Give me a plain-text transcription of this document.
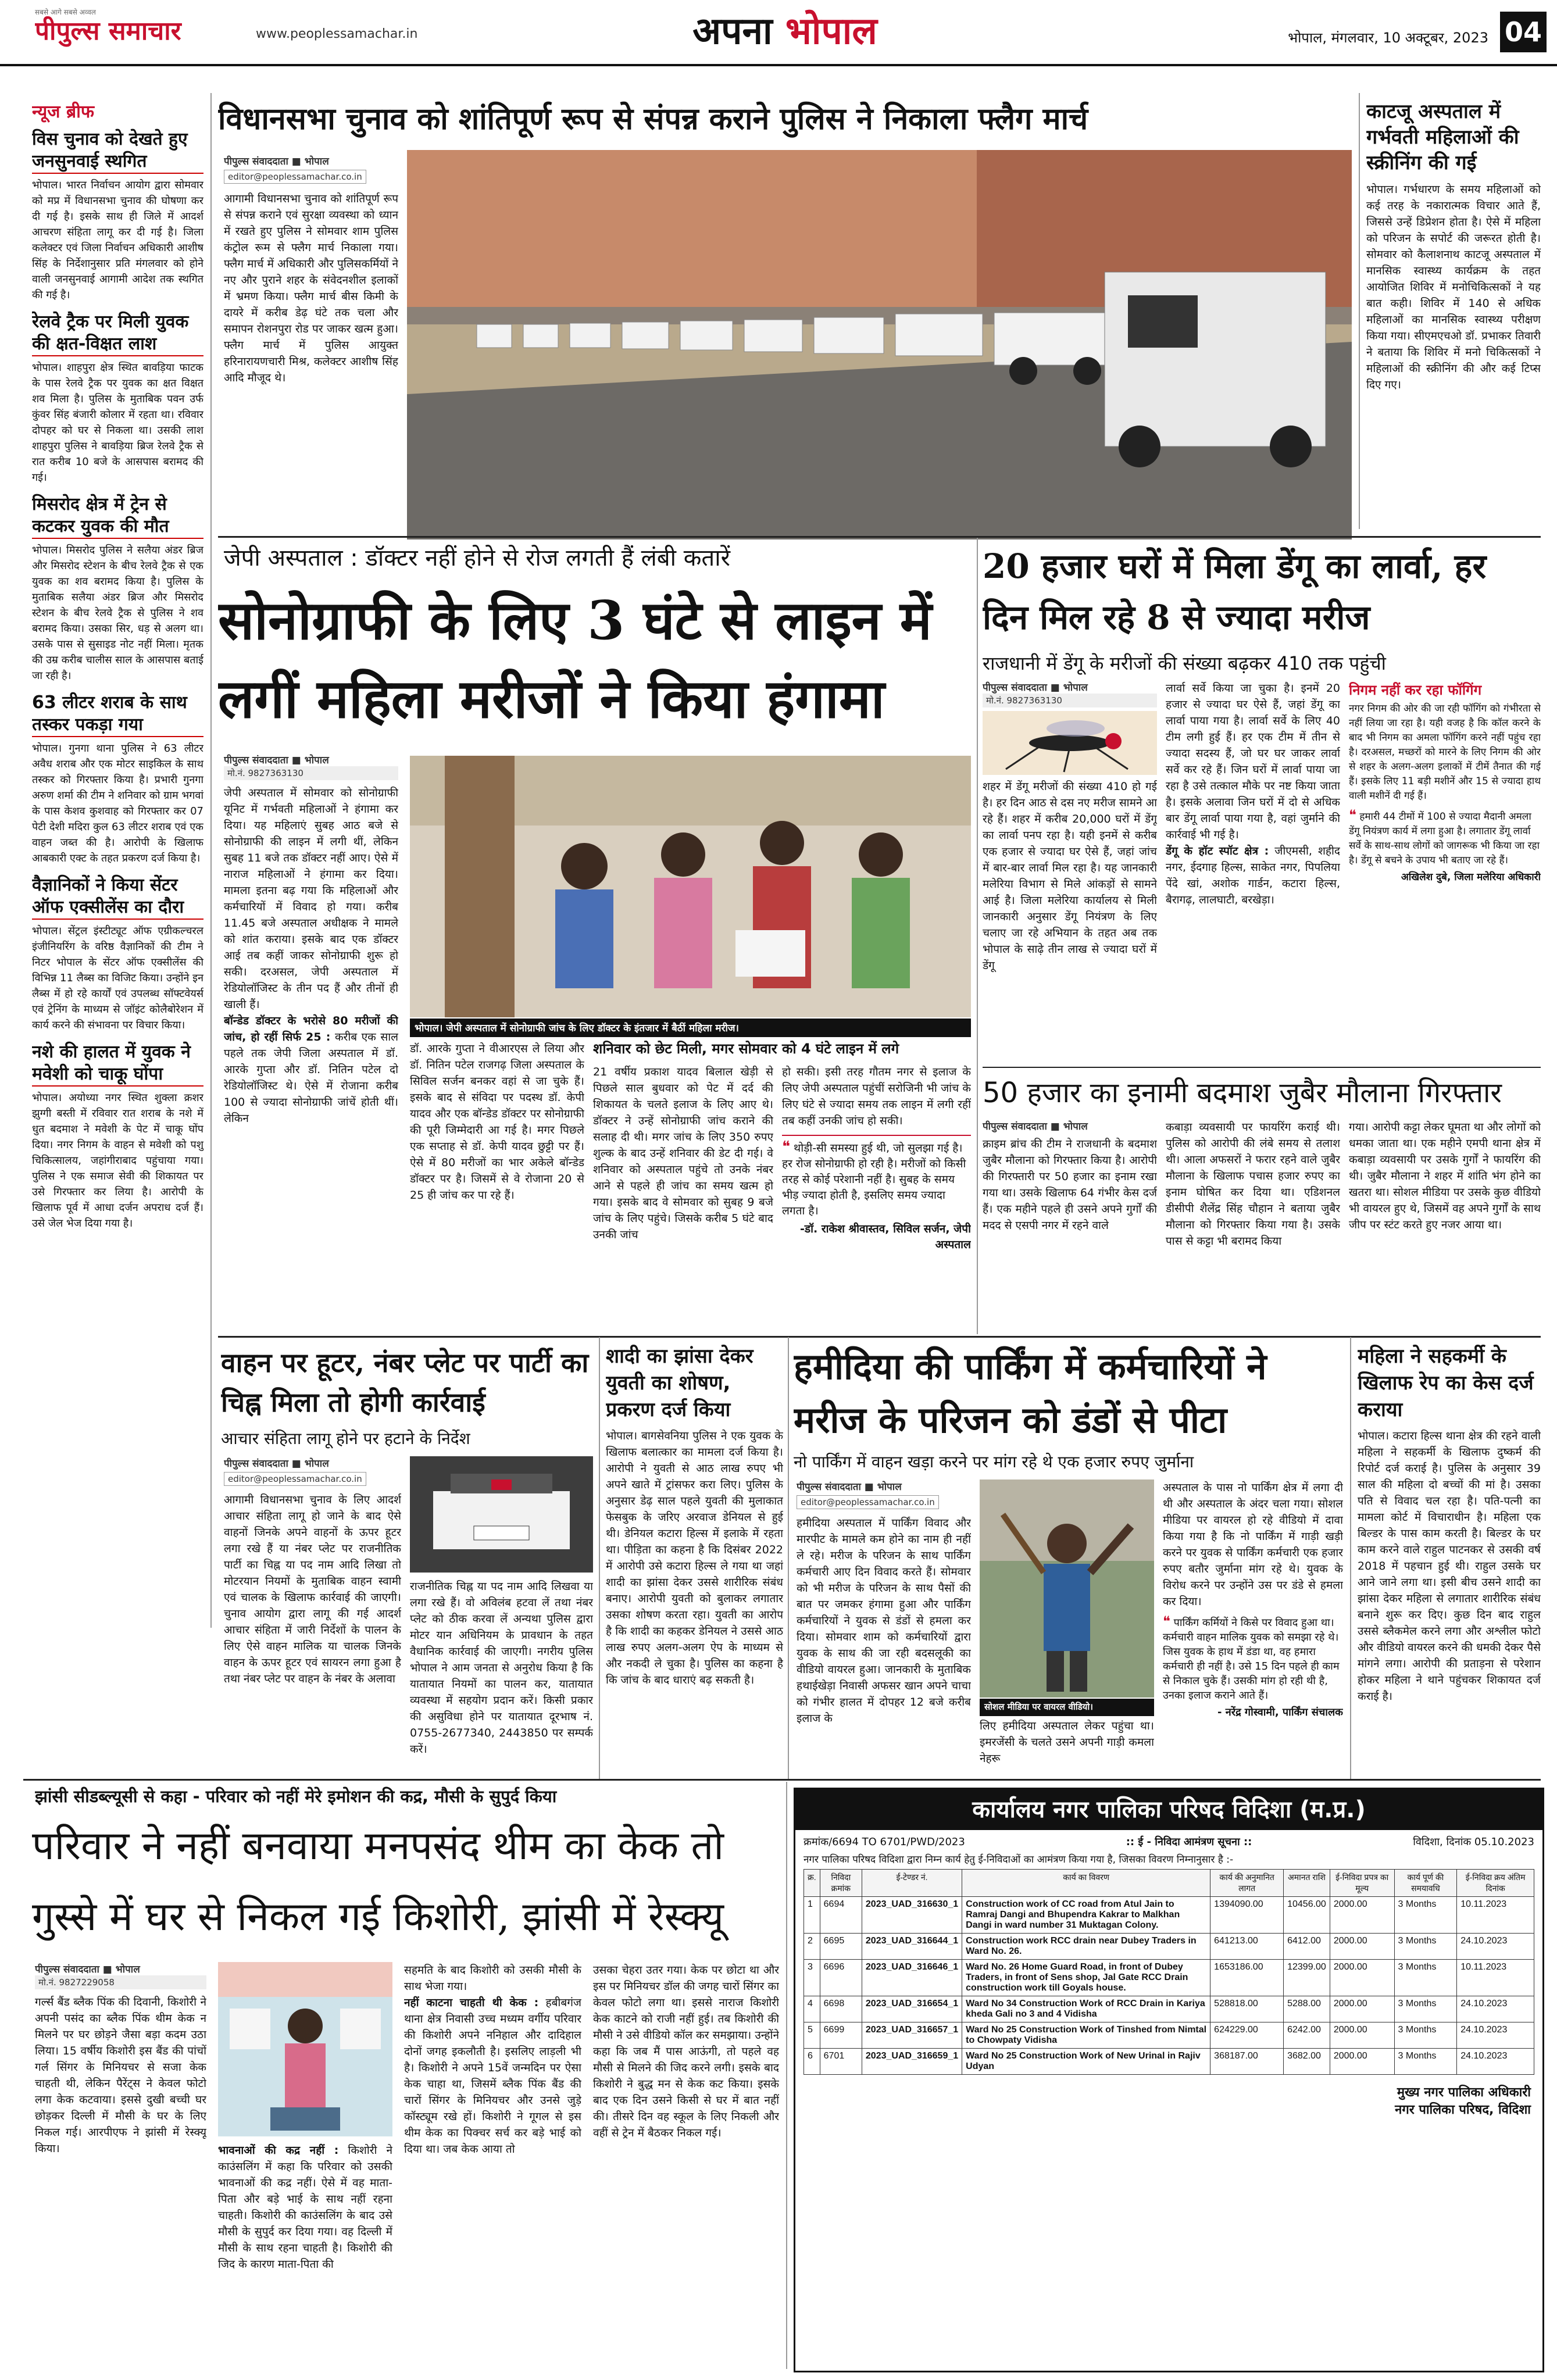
सबसे आगे सबसे अव्वल
पीपुल्स समाचार	www.peoplessamachar.in	अपना भोपाल	भोपाल, मंगलवार, 10 अक्टूबर, 2023 04
न्यूज ब्रीफ
विस चुनाव को देखते हुए जनसुनवाई स्थगित
भोपाल। भारत निर्वाचन आयोग द्वारा सोमवार को मप्र में विधानसभा चुनाव की घोषणा कर दी गई है। इसके साथ ही जिले में आदर्श आचरण संहिता लागू कर दी गई है। जिला कलेक्टर एवं जिला निर्वाचन अधिकारी आशीष सिंह के निर्देशानुसार प्रति मंगलवार को होने वाली जनसुनवाई आगामी आदेश तक स्थगित की गई है।
रेलवे ट्रैक पर मिली युवक की क्षत-विक्षत लाश
भोपाल। शाहपुरा क्षेत्र स्थित बावड़िया फाटक के पास रेलवे ट्रैक पर युवक का क्षत विक्षत शव मिला है। पुलिस के मुताबिक पवन उर्फ कुंवर सिंह बंजारी कोलार में रहता था। रविवार दोपहर को घर से निकला था। उसकी लाश शाहपुरा पुलिस ने बावड़िया ब्रिज रेलवे ट्रैक से रात करीब 10 बजे के आसपास बरामद की गई।
मिसरोद क्षेत्र में ट्रेन से कटकर युवक की मौत
भोपाल। मिसरोद पुलिस ने सलैया अंडर ब्रिज और मिसरोद स्टेशन के बीच रेलवे ट्रैक से एक युवक का शव बरामद किया है। पुलिस के मुताबिक सलैया अंडर ब्रिज और मिसरोद स्टेशन के बीच रेलवे ट्रैक से पुलिस ने शव बरामद किया। उसका सिर, धड़ से अलग था। उसके पास से सुसाइड नोट नहीं मिला। मृतक की उम्र करीब चालीस साल के आसपास बताई जा रही है।
63 लीटर शराब के साथ तस्कर पकड़ा गया
भोपाल। गुनगा थाना पुलिस ने 63 लीटर अवैध शराब और एक मोटर साइकिल के साथ तस्कर को गिरफ्तार किया है। प्रभारी गुनगा अरुण शर्मा की टीम ने शनिवार को ग्राम भगवां के पास केशव कुशवाह को गिरफ्तार कर 07 पेटी देशी मदिरा कुल 63 लीटर शराब एवं एक वाहन जब्त की है। आरोपी के खिलाफ आबकारी एक्ट के तहत प्रकरण दर्ज किया है।
वैज्ञानिकों ने किया सेंटर ऑफ एक्सीलेंस का दौरा
भोपाल। सेंट्रल इंस्टीट्यूट ऑफ एग्रीकल्चरल इंजीनियरिंग के वरिष्ठ वैज्ञानिकों की टीम ने निटर भोपाल के सेंटर ऑफ एक्सीलेंस की विभिन्न 11 लैब्स का विजिट किया। उन्होंने इन लैब्स में हो रहे कार्यों एवं उपलब्ध सॉफ्टवेयर्स एवं ट्रेनिंग के माध्यम से जॉइंट कोलैबोरेशन में कार्य करने की संभावना पर विचार किया।
नशे की हालत में युवक ने मवेशी को चाकू घोंपा
भोपाल। अयोध्या नगर स्थित शुक्ला क्रशर झुग्गी बस्ती में रविवार रात शराब के नशे में धुत बदमाश ने मवेशी के पेट में चाकू घोंप दिया। नगर निगम के वाहन से मवेशी को पशु चिकित्सालय, जहांगीराबाद पहुंचाया गया। पुलिस ने एक समाज सेवी की शिकायत पर उसे गिरफ्तार कर लिया है। आरोपी के खिलाफ पूर्व में आधा दर्जन अपराध दर्ज हैं। उसे जेल भेज दिया गया है।
विधानसभा चुनाव को शांतिपूर्ण रूप से संपन्न कराने पुलिस ने निकाला फ्लैग मार्च
पीपुल्स संवाददाता ■ भोपाल
editor@peoplessamachar.co.in
आगामी विधानसभा चुनाव को शांतिपूर्ण रूप से संपन्न कराने एवं सुरक्षा व्यवस्था को ध्यान में रखते हुए पुलिस ने सोमवार शाम पुलिस कंट्रोल रूम से फ्लैग मार्च निकाला गया। फ्लैग मार्च में अधिकारी और पुलिसकर्मियों ने नए और पुराने शहर के संवेदनशील इलाकों में भ्रमण किया। फ्लैग मार्च बीस किमी के दायरे में करीब डेढ़ घंटे तक चला और समापन रोशनपुरा रोड पर जाकर खत्म हुआ। फ्लैग मार्च में पुलिस आयुक्त हरिनारायणचारी मिश्र, कलेक्टर आशीष सिंह आदि मौजूद थे।
काटजू अस्पताल में गर्भवती महिलाओं की स्क्रीनिंग की गई
भोपाल। गर्भधारण के समय महिलाओं को कई तरह के नकारात्मक विचार आते हैं, जिससे उन्हें डिप्रेशन होता है। ऐसे में महिला को परिजन के सपोर्ट की जरूरत होती है। सोमवार को कैलाशनाथ काटजू अस्पताल में मानसिक स्वास्थ्य कार्यक्रम के तहत आयोजित शिविर में मनोचिकित्सकों ने यह बात कही। शिविर में 140 से अधिक महिलाओं का मानसिक स्वास्थ्य परीक्षण किया गया। सीएमएचओ डॉ. प्रभाकर तिवारी ने बताया कि शिविर में मनो चिकित्सकों ने महिलाओं की स्क्रीनिंग की और कई टिप्स दिए गए।
जेपी अस्पताल : डॉक्टर नहीं होने से रोज लगती हैं लंबी कतारें
सोनोग्राफी के लिए 3 घंटे से लाइन में लगीं महिला मरीजों ने किया हंगामा
पीपुल्स संवाददाता ■ भोपाल
मो.नं. 9827363130
जेपी अस्पताल में सोमवार को सोनोग्राफी यूनिट में गर्भवती महिलाओं ने हंगामा कर दिया। यह महिलाएं सुबह आठ बजे से सोनोग्राफी की लाइन में लगी थीं, लेकिन सुबह 11 बजे तक डॉक्टर नहीं आए। ऐसे में नाराज महिलाओं ने हंगामा कर दिया। मामला इतना बढ़ गया कि महिलाओं और कर्मचारियों में विवाद हो गया। करीब 11.45 बजे अस्पताल अधीक्षक ने मामले को शांत कराया। इसके बाद एक डॉक्टर आई तब कहीं जाकर सोनोग्राफी शुरू हो सकी। दरअसल, जेपी अस्पताल में रेडियोलॉजिस्ट के तीन पद हैं और तीनों ही खाली हैं।
बॉन्डेड डॉक्टर के भरोसे 80 मरीजों की जांच, हो रहीं सिर्फ 25 : करीब एक साल पहले तक जेपी जिला अस्पताल में डॉ. आरके गुप्ता और डॉ. नितिन पटेल दो रेडियोलॉजिस्ट थे। ऐसे में रोजाना करीब 100 से ज्यादा सोनोग्राफी जांचें होती थीं। लेकिन
भोपाल। जेपी अस्पताल में सोनोग्राफी जांच के लिए डॉक्टर के इंतजार में बैठीं महिला मरीज।
डॉ. आरके गुप्ता ने वीआरएस ले लिया और डॉ. नितिन पटेल राजगढ़ जिला अस्पताल के सिविल सर्जन बनकर वहां से जा चुके हैं। इसके बाद से संविदा पर पदस्थ डॉ. केपी यादव और एक बॉन्डेड डॉक्टर पर सोनोग्राफी की पूरी जिम्मेदारी आ गई है। मगर पिछले एक सप्ताह से डॉ. केपी यादव छुट्टी पर हैं। ऐसे में 80 मरीजों का भार अकेले बॉन्डेड डॉक्टर पर है। जिसमें से वे रोजाना 20 से 25 ही जांच कर पा रहे हैं।
शनिवार को छेट मिली, मगर सोमवार को 4 घंटे लाइन में लगे
21 वर्षीय प्रकाश यादव बिलाल खेड़ी से पिछले साल बुधवार को पेट में दर्द की शिकायत के चलते इलाज के लिए आए थे। डॉक्टर ने उन्हें सोनोग्राफी जांच कराने की सलाह दी थी। मगर जांच के लिए 350 रुपए शुल्क के बाद उन्हें शनिवार की डेट दी गई। वे शनिवार को अस्पताल पहुंचे तो उनके नंबर आने से पहले ही जांच का समय खत्म हो गया। इसके बाद वे सोमवार को सुबह 9 बजे जांच के लिए पहुंचे। जिसके करीब 5 घंटे बाद उनकी जांच
हो सकी। इसी तरह गौतम नगर से इलाज के लिए जेपी अस्पताल पहुंचीं सरोजिनी भी जांच के लिए घंटे से ज्यादा समय तक लाइन में लगी रहीं तब कहीं उनकी जांच हो सकी।
❝ थोड़ी-सी समस्या हुई थी, जो सुलझा गई है। हर रोज सोनोग्राफी हो रही है। मरीजों को किसी तरह से कोई परेशानी नहीं है। सुबह के समय भीड़ ज्यादा होती है, इसलिए समय ज्यादा लगता है।
-डॉ. राकेश श्रीवास्तव, सिविल सर्जन, जेपी अस्पताल
20 हजार घरों में मिला डेंगू का लार्वा, हर दिन मिल रहे 8 से ज्यादा मरीज
राजधानी में डेंगू के मरीजों की संख्या बढ़कर 410 तक पहुंची
पीपुल्स संवाददाता ■ भोपाल
मो.नं. 9827363130
शहर में डेंगू मरीजों की संख्या 410 हो गई है। हर दिन आठ से दस नए मरीज सामने आ रहे हैं। शहर में करीब 20,000 घरों में डेंगू का लार्वा पनप रहा है। यही इनमें से करीब एक हजार से ज्यादा घर ऐसे हैं, जहां जांच में बार-बार लार्वा मिल रहा है। यह जानकारी मलेरिया विभाग से मिले आंकड़ों से सामने आई है। जिला मलेरिया कार्यालय से मिली जानकारी अनुसार डेंगू नियंत्रण के लिए चलाए जा रहे अभियान के तहत अब तक भोपाल के साढ़े तीन लाख से ज्यादा घरों में डेंगू
लार्वा सर्वे किया जा चुका है। इनमें 20 हजार से ज्यादा घर ऐसे हैं, जहां डेंगू का लार्वा पाया गया है। लार्वा सर्वे के लिए 40 टीम लगी हुई हैं। हर एक टीम में तीन से ज्यादा सदस्य हैं, जो घर घर जाकर लार्वा सर्वे कर रहे हैं। जिन घरों में लार्वा पाया जा रहा है उसे तत्काल मौके पर नष्ट किया जाता है। इसके अलावा जिन घरों में दो से अधिक बार डेंगू लार्वा पाया गया है, वहां जुर्माने की कार्रवाई भी गई है।
डेंगू के हॉट स्पॉट क्षेत्र : जीएमसी, शहीद नगर, ईदगाह हिल्स, साकेत नगर, पिपलिया पेंदे खां, अशोक गार्डन, कटारा हिल्स, बैरागढ़, लालघाटी, बरखेड़ा।
निगम नहीं कर रहा फॉगिंग
नगर निगम की ओर की जा रही फॉगिंग को गंभीरता से नहीं लिया जा रहा है। यही वजह है कि कॉल करने के बाद भी निगम का अमला फॉगिंग करने नहीं पहुंच रहा है। दरअसल, मच्छरों को मारने के लिए निगम की ओर से शहर के अलग-अलग इलाकों में टीमें तैनात की गई हैं। इसके लिए 11 बड़ी मशीनें और 15 से ज्यादा हाथ वाली मशीनें दी गई हैं।
❝ हमारी 44 टीमों में 100 से ज्यादा मैदानी अमला डेंगू नियंत्रण कार्य में लगा हुआ है। लगातार डेंगू लार्वा सर्वे के साथ-साथ लोगों को जागरूक भी किया जा रहा है। डेंगू से बचने के उपाय भी बताए जा रहे हैं।
अखिलेश दुबे, जिला मलेरिया अधिकारी
50 हजार का इनामी बदमाश जुबैर मौलाना गिरफ्तार
पीपुल्स संवाददाता ■ भोपाल
क्राइम ब्रांच की टीम ने राजधानी के बदमाश जुबैर मौलाना को गिरफ्तार किया है। आरोपी की गिरफ्तारी पर 50 हजार का इनाम रखा गया था। उसके खिलाफ 64 गंभीर केस दर्ज हैं। एक महीने पहले ही उसने अपने गुर्गों की मदद से एसपी नगर में रहने वाले
कबाड़ा व्यवसायी पर फायरिंग कराई थी। पुलिस को आरोपी की लंबे समय से तलाश थी। आला अफसरों ने फरार रहने वाले जुबैर मौलाना के खिलाफ पचास हजार रुपए का इनाम घोषित कर दिया था। एडिशनल डीसीपी शैलेंद्र सिंह चौहान ने बताया जुबैर मौलाना को गिरफ्तार किया गया है। उसके पास से कट्टा भी बरामद किया
गया। आरोपी कट्टा लेकर घूमता था और लोगों को धमका जाता था। एक महीने एमपी थाना क्षेत्र में कबाड़ा व्यवसायी पर उसके गुर्गों ने फायरिंग की थी। जुबैर मौलाना ने शहर में शांति भंग होने का खतरा था। सोशल मीडिया पर उसके कुछ वीडियो भी वायरल हुए थे, जिसमें वह अपने गुर्गों के साथ जीप पर स्टंट करते हुए नजर आया था।
वाहन पर हूटर, नंबर प्लेट पर पार्टी का चिह्न मिला तो होगी कार्रवाई
आचार संहिता लागू होने पर हटाने के निर्देश
पीपुल्स संवाददाता ■ भोपाल
editor@peoplessamachar.co.in
आगामी विधानसभा चुनाव के लिए आदर्श आचार संहिता लागू हो जाने के बाद ऐसे वाहनों जिनके अपने वाहनों के ऊपर हूटर लगा रखे हैं या नंबर प्लेट पर राजनीतिक पार्टी का चिह्न या पद नाम आदि लिखा तो मोटरयान नियमों के मुताबिक वाहन स्वामी एवं चालक के खिलाफ कार्रवाई की जाएगी। चुनाव आयोग द्वारा लागू की गई आदर्श आचार संहिता में जारी निर्देशों के पालन के लिए ऐसे वाहन मालिक या चालक जिनके वाहन के ऊपर हूटर एवं सायरन लगा हुआ है तथा नंबर प्लेट पर वाहन के नंबर के अलावा
राजनीतिक चिह्न या पद नाम आदि लिखवा या लगा रखे हैं। वो अविलंब हटवा लें तथा नंबर प्लेट को ठीक करवा लें अन्यथा पुलिस द्वारा मोटर यान अधिनियम के प्रावधान के तहत वैधानिक कार्रवाई की जाएगी। नगरीय पुलिस भोपाल ने आम जनता से अनुरोध किया है कि यातायात नियमों का पालन कर, यातायात व्यवस्था में सहयोग प्रदान करें। किसी प्रकार की असुविधा होने पर यातायात दूरभाष नं. 0755-2677340, 2443850 पर सम्पर्क करें।
शादी का झांसा देकर युवती का शोषण, प्रकरण दर्ज किया
भोपाल। बागसेवनिया पुलिस ने एक युवक के खिलाफ बलात्कार का मामला दर्ज किया है। आरोपी ने युवती से आठ लाख रुपए भी अपने खाते में ट्रांसफर करा लिए। पुलिस के अनुसार डेढ़ साल पहले युवती की मुलाकात फेसबुक के जरिए अरवाज डेनियल से हुई थी। डेनियल कटारा हिल्स में इलाके में रहता था। पीड़िता का कहना है कि दिसंबर 2022 में आरोपी उसे कटारा हिल्स ले गया था जहां शादी का झांसा देकर उससे शारीरिक संबंध बनाए। आरोपी युवती को बुलाकर लगातार उसका शोषण करता रहा। युवती का आरोप है कि शादी का कहकर डेनियल ने उससे आठ लाख रुपए अलग-अलग ऐप के माध्यम से और नकदी ले चुका है। पुलिस का कहना है कि जांच के बाद धाराएं बढ़ सकती है।
हमीदिया की पार्किंग में कर्मचारियों ने मरीज के परिजन को डंडों से पीटा
नो पार्किंग में वाहन खड़ा करने पर मांग रहे थे एक हजार रुपए जुर्माना
पीपुल्स संवाददाता ■ भोपाल
editor@peoplessamachar.co.in
हमीदिया अस्पताल में पार्किंग विवाद और मारपीट के मामले कम होने का नाम ही नहीं ले रहे। मरीज के परिजन के साथ पार्किंग कर्मचारी आए दिन विवाद करते हैं। सोमवार को भी मरीज के परिजन के साथ पैसों की बात पर जमकर हंगामा हुआ और पार्किंग कर्मचारियों ने युवक से डंडों से हमला कर दिया। सोमवार शाम को कर्मचारियों द्वारा युवक के साथ की जा रही बदसलूकी का वीडियो वायरल हुआ। जानकारी के मुताबिक हथाईखेड़ा निवासी अफसर खान अपने चाचा को गंभीर हालत में दोपहर 12 बजे करीब इलाज के
सोशल मीडिया पर वायरल वीडियो।
लिए हमीदिया अस्पताल लेकर पहुंचा था। इमरजेंसी के चलते उसने अपनी गाड़ी कमला नेहरू
अस्पताल के पास नो पार्किंग क्षेत्र में लगा दी थी और अस्पताल के अंदर चला गया। सोशल मीडिया पर वायरल हो रहे वीडियो में दावा किया गया है कि नो पार्किंग में गाड़ी खड़ी करने पर युवक से पार्किंग कर्मचारी एक हजार रुपए बतौर जुर्माना मांग रहे थे। युवक के विरोध करने पर उन्होंने उस पर डंडे से हमला कर दिया।
❝ पार्किंग कर्मियों ने किसे पर विवाद हुआ था। कर्मचारी वाहन मालिक युवक को समझा रहे थे। जिस युवक के हाथ में डंडा था, वह हमारा कर्मचारी ही नहीं है। उसे 15 दिन पहले ही काम से निकाल चुके हैं। उसकी मांग हो रही थी है, उनका इलाज कराने आते हैं।
- नरेंद्र गोस्वामी, पार्किंग संचालक
महिला ने सहकर्मी के खिलाफ रेप का केस दर्ज कराया
भोपाल। कटारा हिल्स थाना क्षेत्र की रहने वाली महिला ने सहकर्मी के खिलाफ दुष्कर्म की रिपोर्ट दर्ज कराई है। पुलिस के अनुसार 39 साल की महिला दो बच्चों की मां है। उसका पति से विवाद चल रहा है। पति-पत्नी का मामला कोर्ट में विचाराधीन है। महिला एक बिल्डर के पास काम करती है। बिल्डर के घर काम करने वाले राहुल पाटनकर से उसकी वर्ष 2018 में पहचान हुई थी। राहुल उसके घर आने जाने लगा था। इसी बीच उसने शादी का झांसा देकर महिला से लगातार शारीरिक संबंध बनाने शुरू कर दिए। कुछ दिन बाद राहुल उससे ब्लैकमेल करने लगा और अश्लील फोटो और वीडियो वायरल करने की धमकी देकर पैसे मांगने लगा। आरोपी की प्रताड़ना से परेशान होकर महिला ने थाने पहुंचकर शिकायत दर्ज कराई है।
झांसी सीडब्ल्यूसी से कहा - परिवार को नहीं मेरे इमोशन की कद्र, मौसी के सुपुर्द किया
परिवार ने नहीं बनवाया मनपसंद थीम का केक तो गुस्से में घर से निकल गई किशोरी, झांसी में रेस्क्यू
पीपुल्स संवाददाता ■ भोपाल
मो.नं. 9827229058
गर्ल्स बैंड ब्लैक पिंक की दिवानी, किशोरी ने अपनी पसंद का ब्लैक पिंक थीम केक न मिलने पर घर छोड़ने जैसा बड़ा कदम उठा लिया। 15 वर्षीय किशोरी इस बैंड की पांचों गर्ल सिंगर के मिनियचर से सजा केक चाहती थी, लेकिन पैरेंट्स ने केवल फोटो लगा केक कटवाया। इससे दुखी बच्ची घर छोड़कर दिल्ली में मौसी के घर के लिए निकल गई। आरपीएफ ने झांसी में रेस्क्यू किया।	भावनाओं की कद्र नहीं : किशोरी ने काउंसलिंग में कहा कि परिवार को उसकी भावनाओं की कद्र नहीं। ऐसे में वह माता-पिता और बड़े भाई के साथ नहीं रहना चाहती। किशोरी की काउंसलिंग के बाद उसे मौसी के सुपुर्द कर दिया गया। वह दिल्ली में मौसी के साथ रहना चाहती है। किशोरी की जिद के कारण माता-पिता की
सहमति के बाद किशोरी को उसकी मौसी के साथ भेजा गया।
नहीं काटना चाहती थी केक : हबीबगंज थाना क्षेत्र निवासी उच्च मध्यम वर्गीय परिवार की किशोरी अपने ननिहाल और दादिहाल दोनों जगह इकलौती है। इसलिए लाड़ली भी है। किशोरी ने अपने 15वें जन्मदिन पर ऐसा केक चाहा था, जिसमें ब्लैक पिंक बैंड की चारों सिंगर के मिनियचर और उनसे जुड़े कॉस्ट्यूम रखे हों। किशोरी ने गूगल से इस थीम केक का पिक्चर सर्च कर बड़े भाई को दिया था। जब केक आया तो
उसका चेहरा उतर गया। केक पर छोटा था और इस पर मिनियचर डॉल की जगह चारों सिंगर का केवल फोटो लगा था। इससे नाराज किशोरी केक काटने को राजी नहीं हुई। तब किशोरी की मौसी ने उसे वीडियो कॉल कर समझाया। उन्होंने कहा कि जब मैं पास आऊंगी, तो पहले वह मौसी से मिलने की जिद करने लगी। इसके बाद किशोरी ने बुद्ध मन से केक कट किया। इसके बाद एक दिन उसने किसी से घर में बात नहीं की। तीसरे दिन वह स्कूल के लिए निकली और वहीं से ट्रेन में बैठकर निकल गई।
कार्यालय नगर पालिका परिषद विदिशा (म.प्र.)
क्रमांक/6694 TO 6701/PWD/2023	:: ई - निविदा आमंत्रण सूचना ::	विदिशा, दिनांक 05.10.2023
नगर पालिका परिषद विदिशा द्वारा निम्न कार्य हेतु ई-निविदाओं का आमंत्रण किया गया है, जिसका विवरण निम्नानुसार है :-
क्र.	निविदा क्रमांक	ई-टेण्डर नं.	कार्य का विवरण	कार्य की अनुमानित लागत	अमानत राशि	ई-निविदा प्रपत्र का मूल्य	कार्य पूर्ण की समयावधि	ई-निविदा क्रय अंतिम दिनांक
1	6694	2023_UAD_316630_1	Construction work of CC road from Atul Jain to Ramraj Dangi and Bhupendra Kakrar to Malkhan Dangi in ward number 31 Muktagan Colony.	1394090.00	10456.00	2000.00	3 Months	10.11.2023
2	6695	2023_UAD_316644_1	Construction work RCC drain near Dubey Traders in Ward No. 26.	641213.00	6412.00	2000.00	3 Months	24.10.2023
3	6696	2023_UAD_316646_1	Ward No. 26 Home Guard Road, in front of Dubey Traders, in front of Sens shop, Jal Gate RCC Drain construction work till Goyals house.	1653186.00	12399.00	2000.00	3 Months	10.11.2023
4	6698	2023_UAD_316654_1	Ward No 34 Construction Work of RCC Drain in Kariya kheda Gali no 3 and 4 Vidisha	528818.00	5288.00	2000.00	3 Months	24.10.2023
5	6699	2023_UAD_316657_1	Ward No 25 Construction Work of Tinshed from Nimtal to Chowpaty Vidisha	624229.00	6242.00	2000.00	3 Months	24.10.2023
6	6701	2023_UAD_316659_1	Ward No 25 Construction Work of New Urinal in Rajiv Udyan	368187.00	3682.00	2000.00	3 Months	24.10.2023
मुख्य नगर पालिका अधिकारी
नगर पालिका परिषद, विदिशा
